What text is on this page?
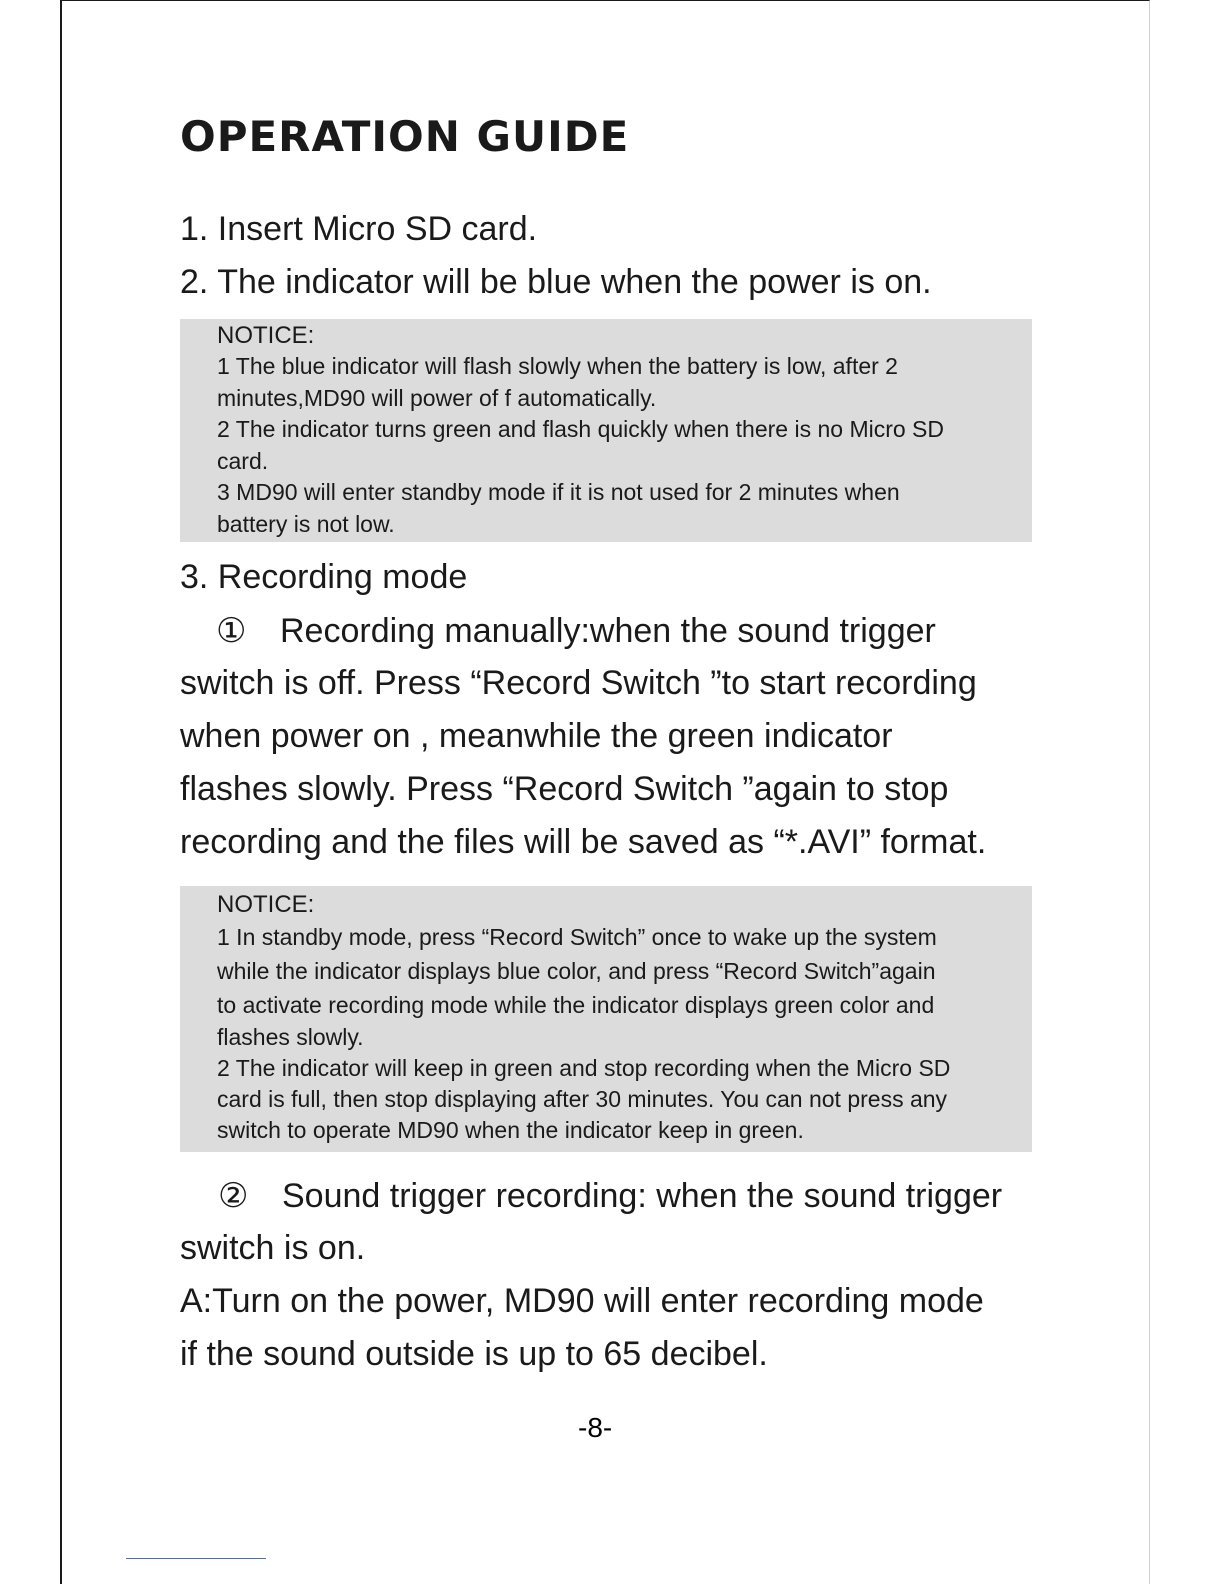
OPERATION GUIDE

1. Insert Micro SD card.

2. The indicator will be blue when the power is on.

NOTICE:

1 The blue indicator will flash slowly when the battery is low, after 2

minutes,MD90 will power of f automatically.

2 The indicator turns green and flash quickly when there is no Micro SD

card.

3 MD90 will enter standby mode if it is not used for 2 minutes when

battery is not low.

3. Recording mode

① Recording manually:when the sound trigger

switch is off. Press “Record Switch ”to start recording

when power on , meanwhile the green indicator

flashes slowly. Press “Record Switch ”again to stop

recording and the files will be saved as “*.AVI” format.

NOTICE:

1 In standby mode, press “Record Switch” once to wake up the system

while the indicator displays blue color, and press “Record Switch”again

to activate recording mode while the indicator displays green color and

flashes slowly.

2 The indicator will keep in green and stop recording when the Micro SD

card is full, then stop displaying after 30 minutes. You can not press any

switch to operate MD90 when the indicator keep in green.

② Sound trigger recording: when the sound trigger

switch is on.

A:Turn on the power, MD90 will enter recording mode

if the sound outside is up to 65 decibel.

-8-
